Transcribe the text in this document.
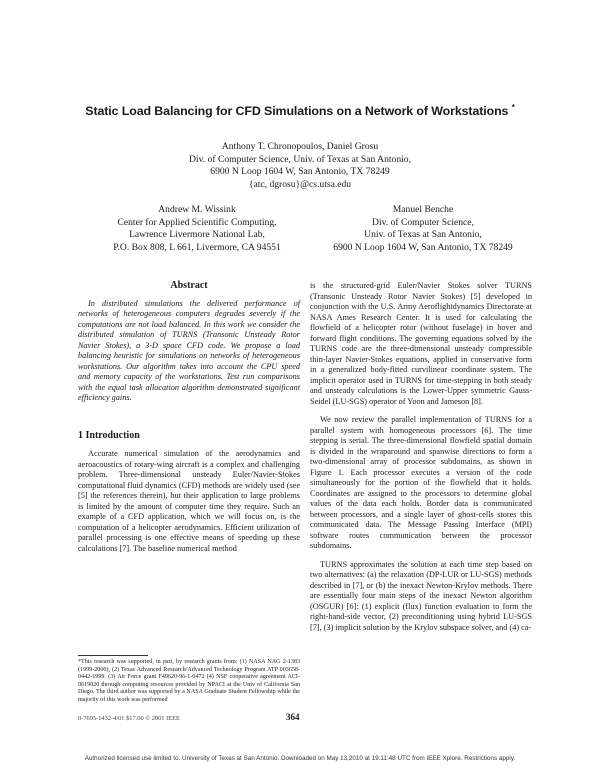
Static Load Balancing for CFD Simulations on a Network of Workstations *
Anthony T. Chronopoulos, Daniel Grosu
Div. of Computer Science, Univ. of Texas at San Antonio,
6900 N Loop 1604 W, San Antonio, TX 78249
{atc, dgrosu}@cs.utsa.edu
Andrew M. Wissink
Center for Applied Scientific Computing,
Lawrence Livermore National Lab,
P.O. Box 808, L 661, Livermore, CA 94551
Manuel Benche
Div. of Computer Science,
Univ. of Texas at San Antonio,
6900 N Loop 1604 W, San Antonio, TX 78249
Abstract

In distributed simulations the delivered performance of networks of heterogeneous computers degrades severely if the computations are not load balanced. In this work we consider the distributed simulation of TURNS (Transonic Unsteady Rotor Navier Stokes), a 3-D space CFD code. We propose a load balancing heuristic for simulations on networks of heterogeneous workstations. Our algorithm takes into account the CPU speed and memory capacity of the workstations. Test run comparisons with the equal task allocation algorithm demonstrated significant efficiency gains.

1 Introduction

Accurate numerical simulation of the aerodynamics and aeroacoustics of rotary-wing aircraft is a complex and challenging problem. Three-dimensional unsteady Euler/Navier-Stokes computational fluid dynamics (CFD) methods are widely used (see [5] the references therein), but their application to large problems is limited by the amount of computer time they require. Such an example of a CFD application, which we will focus on, is the computation of a helicopter aerodynamics. Efficient utilization of parallel processing is one effective means of speeding up these calculations [7]. The baseline numerical method

*This research was supported, in part, by research grants from: (1) NASA NAG 2-1383 (1999-2000), (2) Texas Advanced Research/Advanced Technology Program ATP 003658-0442-1999. (3) Air Force grant F49620-96-1-0472 (4) NSF cooperative agreement ACI-9619020 through computing resources provided by NPACI at the Univ of California San Diego. The third author was supported by a NASA Graduate Student Fellowship while the majority of this work was performed

is the structured-grid Euler/Navier Stokes solver TURNS (Transonic Unsteady Rotor Navier Stokes) [5] developed in conjunction with the U.S. Army Aeroflightdynamics Directorate at NASA Ames Research Center. It is used for calculating the flowfield of a helicopter rotor (without fuselage) in hover and forward flight conditions. The governing equations solved by the TURNS code are the three-dimensional unsteady compressible thin-layer Navier-Stokes equations, applied in conservative form in a generalized body-fitted curvilinear coordinate system. The implicit operator used in TURNS for time-stepping in both steady and unsteady calculations is the Lower-Upper symmetric Gauss-Seidel (LU-SGS) operator of Yoon and Jameson [8].

We now review the parallel implementation of TURNS for a parallel system with homogeneous processors [6]. The time stepping is serial. The three-dimensional flowfield spatial domain is divided in the wraparound and spanwise directions to form a two-dimensional array of processor subdomains, as shown in Figure 1. Each processor executes a version of the code simultaneously for the portion of the flowfield that it holds. Coordinates are assigned to the processors to determine global values of the data each holds. Border data is communicated between processors, and a single layer of ghost-cells stores this communicated data. The Message Passing Interface (MPI) software routes communication between the processor subdomains.

TURNS approximates the solution at each time step based on two alternatives: (a) the relaxation (DP-LUR or LU-SGS) methods described in [7], or (b) the inexact Newton-Krylov methods. There are essentially four main steps of the inexact Newton algorithm (OSGUR) [6]: (1) explicit (flux) function evaluation to form the right-hand-side vector, (2) preconditioning using hybrid LU-SGS [7], (3) implicit solution by the Krylov subspace solver, and (4) ca-

0-7695-1432-4/01 $17.00 © 2001 IEEE	364
Authorized licensed use limited to: University of Texas at San Antonio. Downloaded on May 13,2010 at 19:11:48 UTC from IEEE Xplore. Restrictions apply.
